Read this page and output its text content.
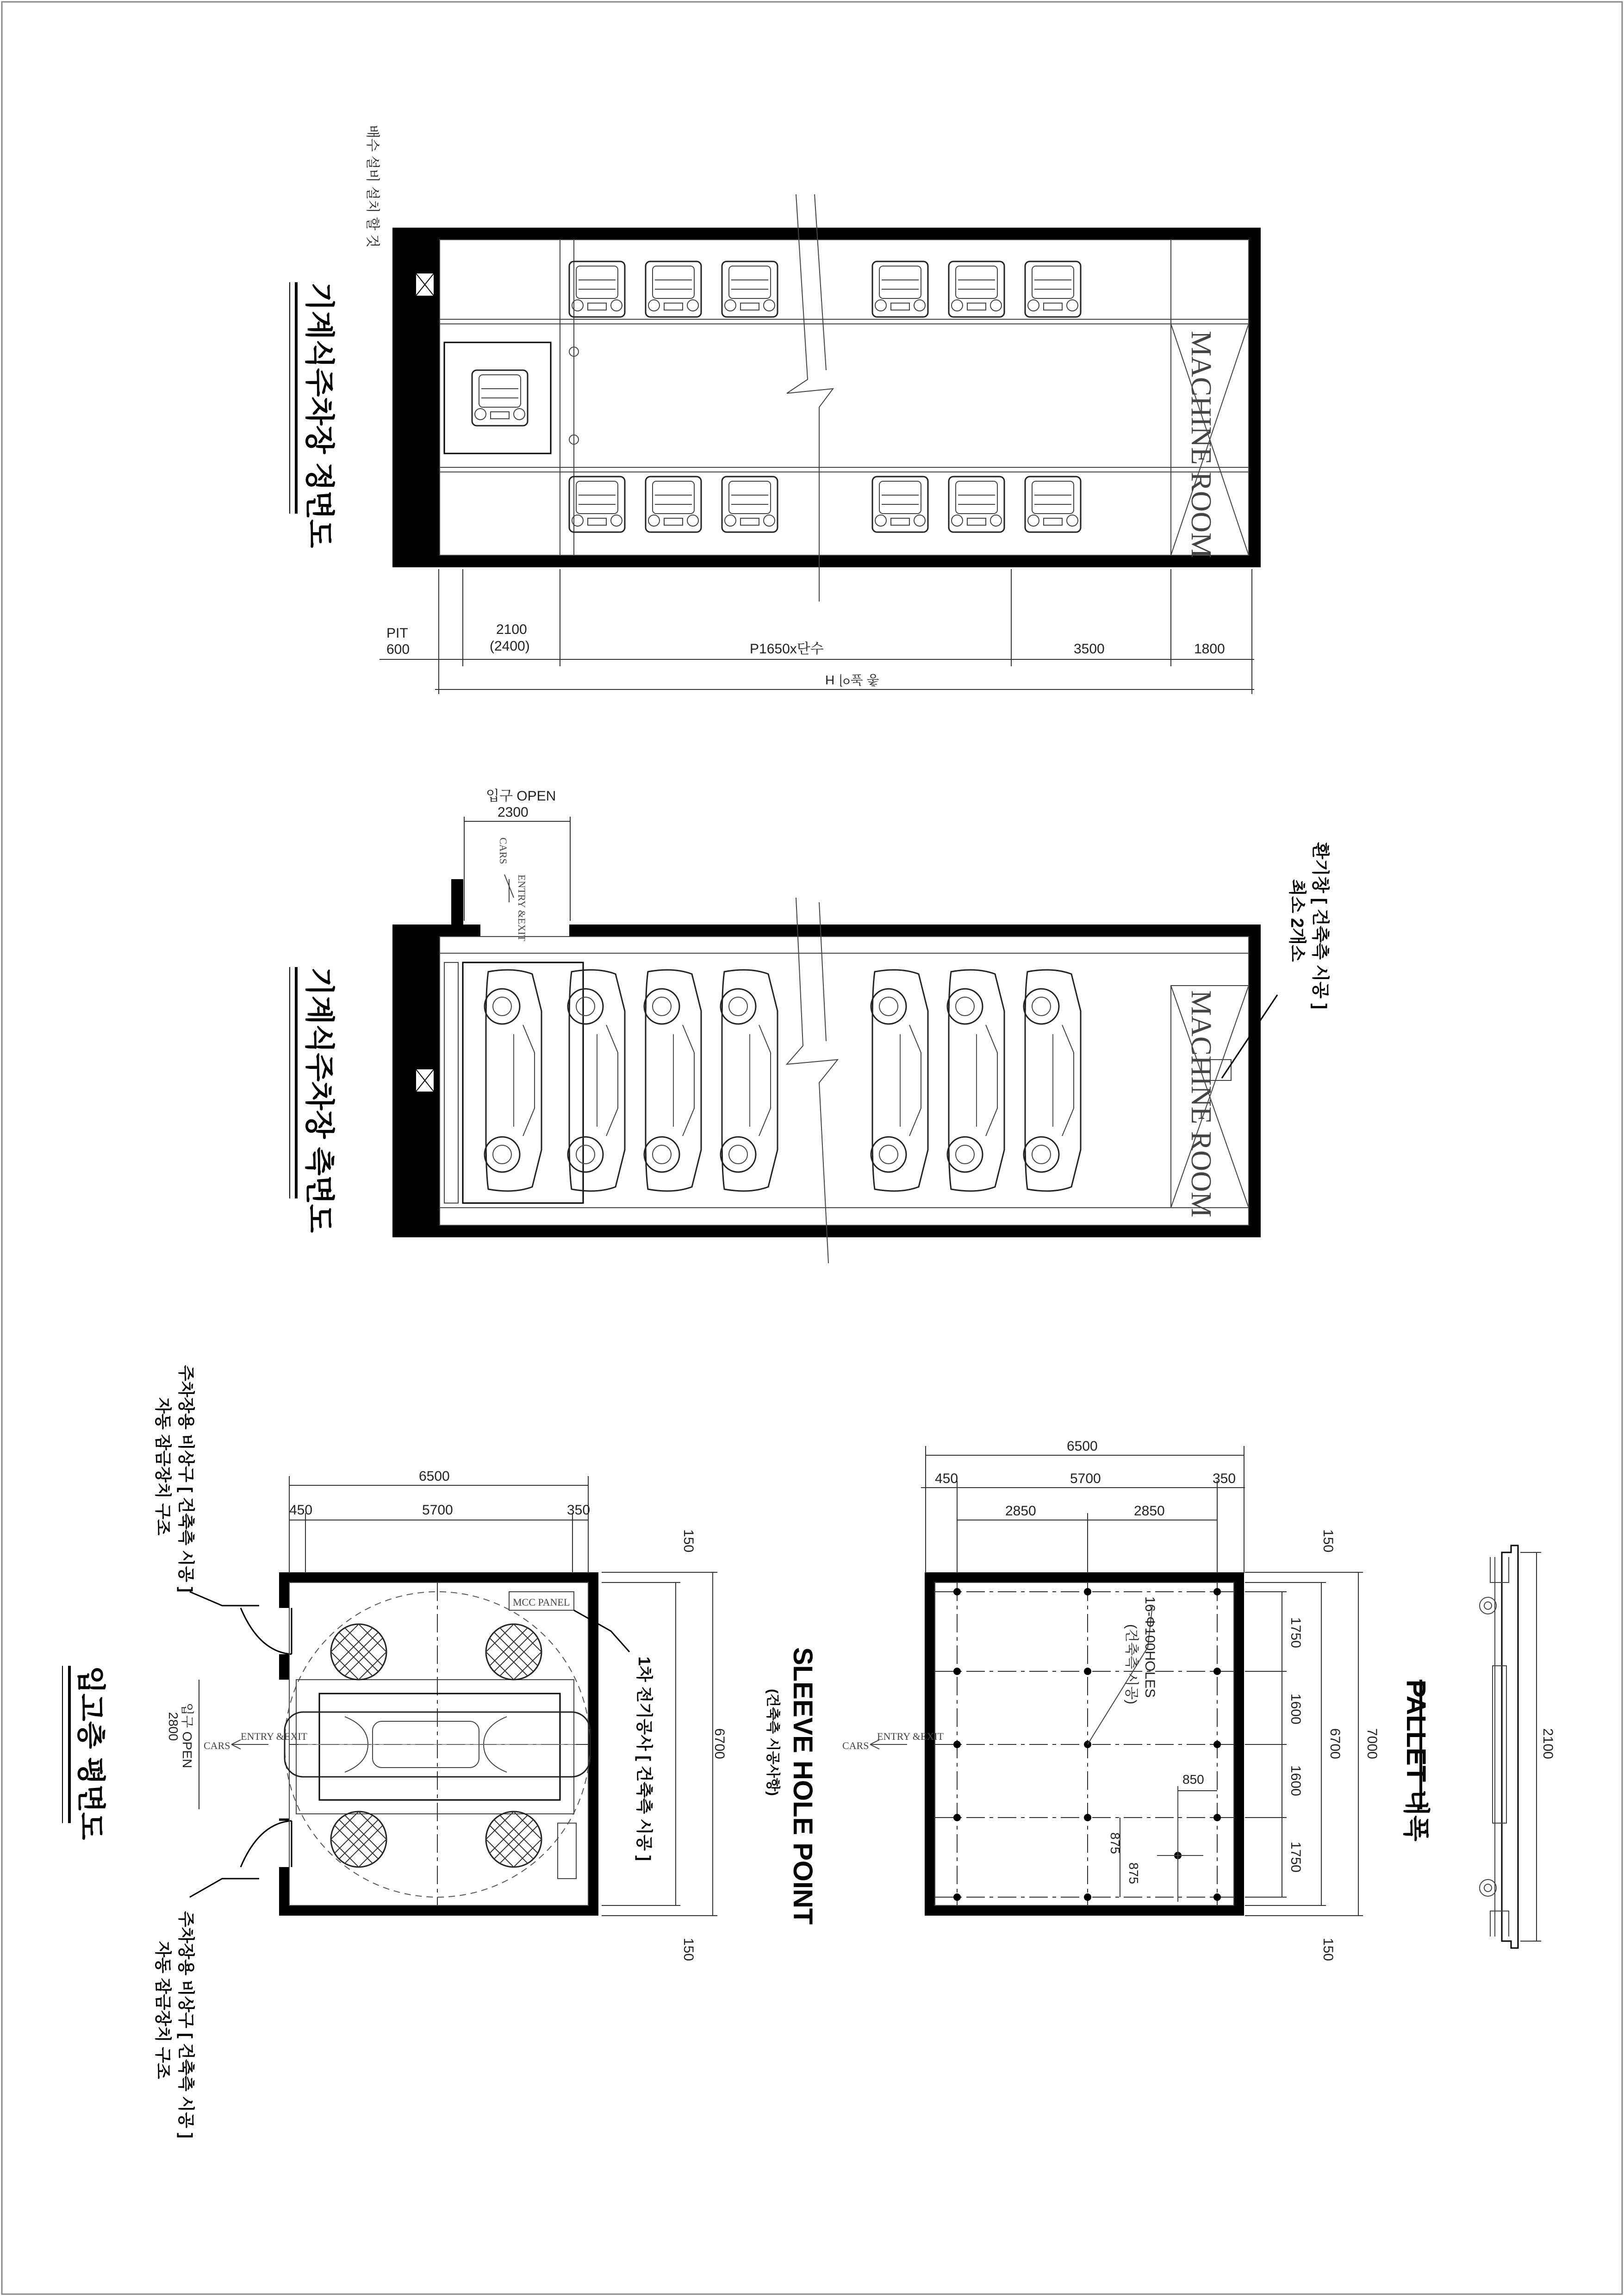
MACHINE ROOM
배수 설비 설치 할 것
기계식주차장 정면도
PIT
600
2100
(2400)	P1650x단수	3500	1800
총 높이 H
MACHINE ROOM
입구 OPEN
2300
CARS
ENTRY &EXIT	환기창 [ 건축측 시공 ]
최소 2개소
기계식주차장 측면도
MCC PANEL
6500
450	5700	350
150
6700
150
입구 OPEN
2800
CARS
ENTRY &EXIT	1차 전기공사 [ 건축측 시공 ]
주차장용 비상구 [ 건축측 시공 ]
자동 잠금장치 구조
주차장용 비상구 [ 건축측 시공 ]
자동 잠금장치 구조
입고층 평면도	850
875
875
16-Φ100HOLES
(건축측 시공)
6500
450	5700	350
2850	2850
150
1750
1600
1600
1750
6700 7000
150
CARS
ENTRY &EXIT
SLEEVE HOLE POINT
(건축측 시공사항)	2100
PALLET 내폭
